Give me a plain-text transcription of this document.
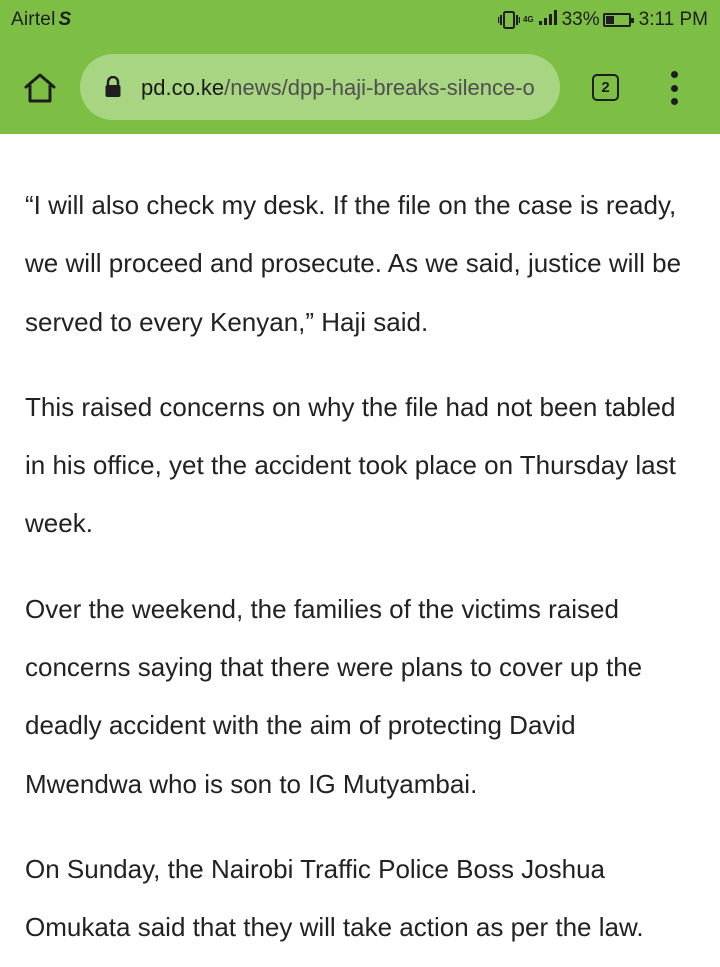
Airtel S	4G 33% ⚡ 3:11 PM
pd.co.ke/news/dpp-haji-breaks-silence-o	2

“I will also check my desk. If the file on the case is ready, we will proceed and prosecute. As we said, justice will be served to every Kenyan,” Haji said.

This raised concerns on why the file had not been tabled in his office, yet the accident took place on Thursday last week.

Over the weekend, the families of the victims raised concerns saying that there were plans to cover up the deadly accident with the aim of protecting David Mwendwa who is son to IG Mutyambai.

On Sunday, the Nairobi Traffic Police Boss Joshua Omukata said that they will take action as per the law.
